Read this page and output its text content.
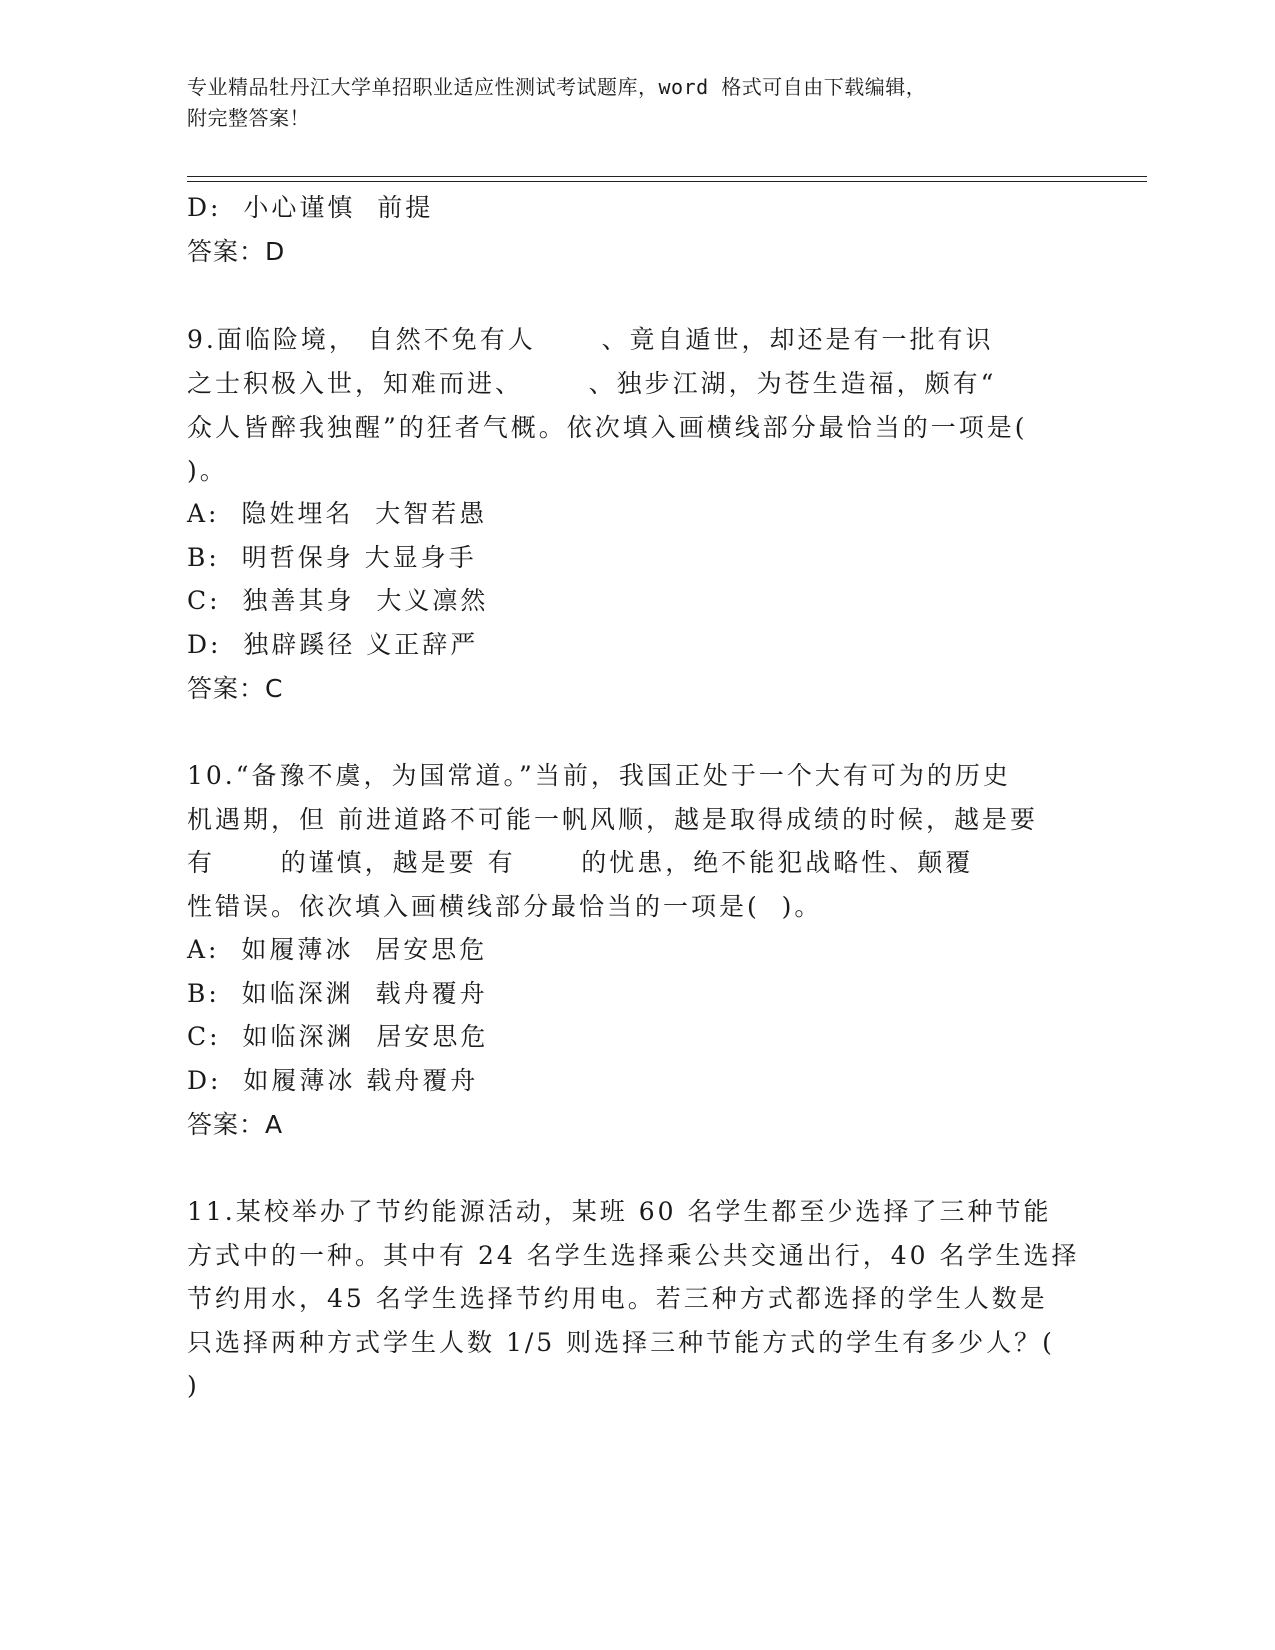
专业精品牡丹江大学单招职业适应性测试考试题库，word 格式可自由下载编辑，
附完整答案！
D:  小心谨慎  前提
答案：D
9.面临险境， 自然不免有人      、竟自遁世，却还是有一批有识
之士积极入世，知难而进、      、独步江湖，为苍生造福，颇有“
众人皆醉我独醒”的狂者气概。依次填入画横线部分最恰当的一项是(
)。
A:  隐姓埋名  大智若愚
B:  明哲保身 大显身手
C:  独善其身  大义凛然
D:  独辟蹊径 义正辞严
答案：C
10.“备豫不虞，为国常道。”当前，我国正处于一个大有可为的历史
机遇期，但 前进道路不可能一帆风顺，越是取得成绩的时候，越是要
有      的谨慎，越是要 有      的忧患，绝不能犯战略性、颠覆
性错误。依次填入画横线部分最恰当的一项是(  )。
A:  如履薄冰  居安思危
B:  如临深渊  载舟覆舟
C:  如临深渊  居安思危
D:  如履薄冰 载舟覆舟
答案：A
11.某校举办了节约能源活动，某班 60 名学生都至少选择了三种节能
方式中的一种。其中有 24 名学生选择乘公共交通出行，40 名学生选择
节约用水，45 名学生选择节约用电。若三种方式都选择的学生人数是
只选择两种方式学生人数 1/5 则选择三种节能方式的学生有多少人？(
)
